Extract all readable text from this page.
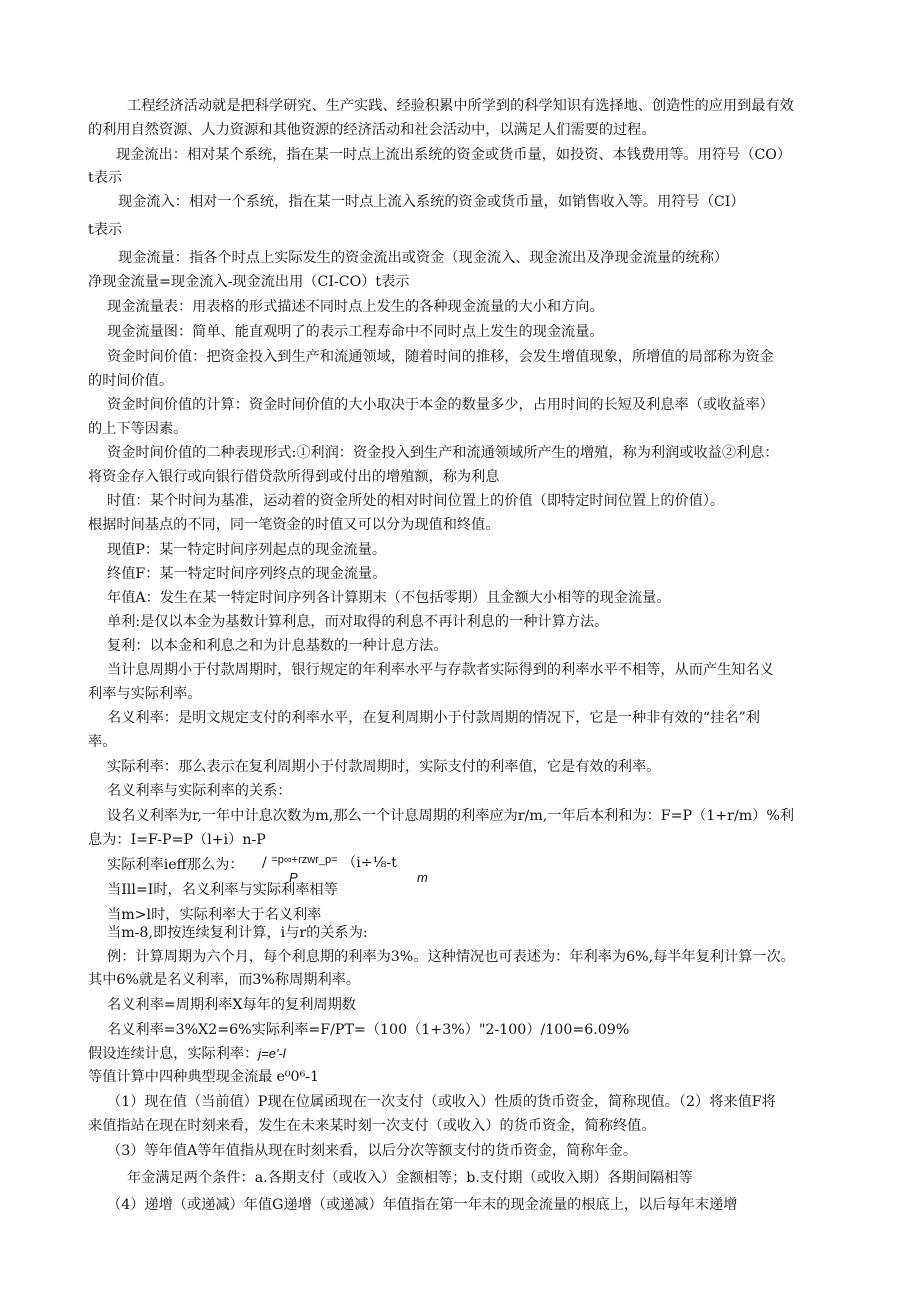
工程经济活动就是把科学研究、生产实践、经验积累中所学到的科学知识有选择地、创造性的应用到最有效
的利用自然资源、人力资源和其他资源的经济活动和社会活动中，以满足人们需要的过程。
现金流出：相对某个系统，指在某一时点上流出系统的资金或货币量，如投资、本钱费用等。用符号（CO）
t表示
现金流入：相对一个系统，指在某一时点上流入系统的资金或货币量，如销售收入等。用符号（CI）
t表示
现金流量：指各个时点上实际发生的资金流出或资金（现金流入、现金流出及净现金流量的统称）
净现金流量=现金流入-现金流出用（CI-CO）t表示
现金流量表：用表格的形式描述不同时点上发生的各种现金流量的大小和方向。
现金流量图：简单、能直观明了的表示工程寿命中不同时点上发生的现金流量。
资金时间价值：把资金投入到生产和流通领域，随着时间的推移，会发生增值现象，所增值的局部称为资金
的时间价值。
资金时间价值的计算：资金时间价值的大小取决于本金的数量多少，占用时间的长短及利息率（或收益率）
的上下等因素。
资金时间价值的二种表现形式:①利润：资金投入到生产和流通领域所产生的增殖，称为利润或收益②利息：
将资金存入银行或向银行借贷款所得到或付出的增殖额，称为利息
时值：某个时间为基准，运动着的资金所处的相对时间位置上的价值（即特定时间位置上的价值）。
根据时间基点的不同，同一笔资金的时值又可以分为现值和终值。
现值P：某一特定时间序列起点的现金流量。
终值F：某一特定时间序列终点的现金流量。
年值A：发生在某一特定时间序列各计算期末（不包括零期）且金额大小相等的现金流量。
单利:是仅以本金为基数计算利息，而对取得的利息不再计利息的一种计算方法。
复利：以本金和利息之和为计息基数的一种计息方法。
当计息周期小于付款周期时，银行规定的年利率水平与存款者实际得到的利率水平不相等，从而产生知名义
利率与实际利率。
名义利率：是明文规定支付的利率水平，在复利周期小于付款周期的情况下，它是一种非有效的“挂名”利
率。
实际利率：那么表示在复利周期小于付款周期时，实际支付的利率值，它是有效的利率。
名义利率与实际利率的关系：
设名义利率为r,一年中计息次数为m,那么一个计息周期的利率应为r∕m,一年后本利和为：F=P（1+r∕m）%利
息为：I=F-P=P（l+i）n-P
实际利率ieff那么为： / $^{=p\infty+rzwr\_p=}$ （i÷⅛-t
P	m
当Ill=I时，名义利率与实际利率相等
当m>l时，实际利率大于名义利率
当m-8,即按连续复利计算，i与r的关系为:
例：计算周期为六个月，每个利息期的利率为3%。这种情况也可表述为：年利率为6%,每半年复利计算一次。
其中6%就是名义利率，而3%称周期利率。
名义利率=周期利率X每年的复利周期数
名义利率=3%X2=6%实际利率=F∕PT=（100（1+3%）"2-100）/100=6.09%
假设连续计息，实际利率：j=e'-l
等值计算中四种典型现金流最 e⁰0⁶-1
（1）现在值（当前值）P现在位属函现在一次支付（或收入）性质的货币资金，简称现值。（2）将来值F将
来值指站在现在时刻来看，发生在未来某时刻一次支付（或收入）的货币资金，简称终值。
（3）等年值A等年值指从现在时刻来看，以后分次等额支付的货币资金，简称年金。
年金满足两个条件：a.各期支付（或收入）金额相等；b.支付期（或收入期）各期间隔相等
（4）递增（或递减）年值G递增（或递减）年值指在第一年末的现金流量的根底上，以后每年末递增
